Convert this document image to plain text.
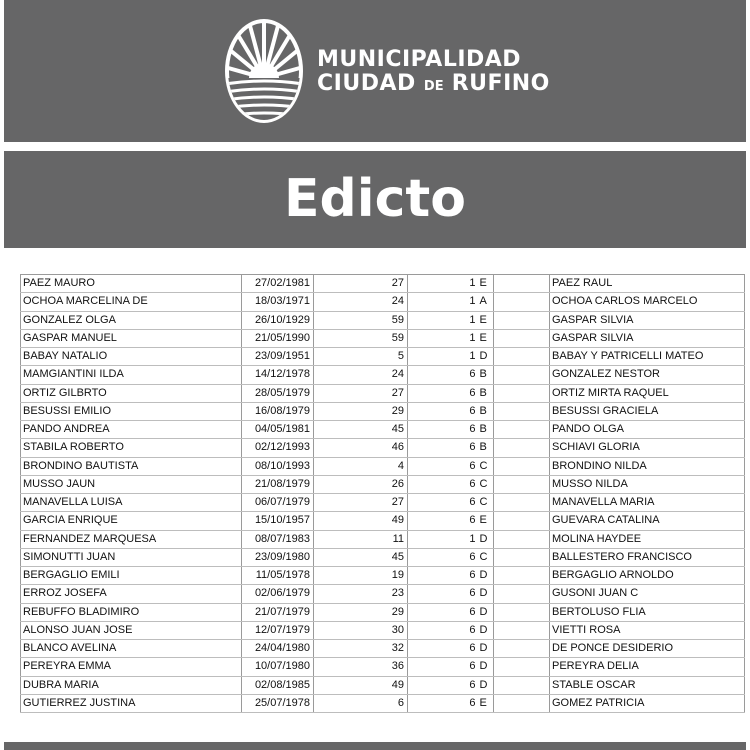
MUNICIPALIDAD
CIUDAD DE RUFINO
Edicto
PAEZ MAURO	27/02/1981	27	1	E		PAEZ RAUL
OCHOA MARCELINA DE	18/03/1971	24	1	A		OCHOA CARLOS MARCELO
GONZALEZ OLGA	26/10/1929	59	1	E		GASPAR SILVIA
GASPAR MANUEL	21/05/1990	59	1	E		GASPAR SILVIA
BABAY NATALIO	23/09/1951	5	1	D		BABAY Y PATRICELLI MATEO
MAMGIANTINI ILDA	14/12/1978	24	6	B		GONZALEZ NESTOR
ORTIZ GILBRTO	28/05/1979	27	6	B		ORTIZ MIRTA RAQUEL
BESUSSI EMILIO	16/08/1979	29	6	B		BESUSSI GRACIELA
PANDO ANDREA	04/05/1981	45	6	B		PANDO OLGA
STABILA ROBERTO	02/12/1993	46	6	B		SCHIAVI GLORIA
BRONDINO BAUTISTA	08/10/1993	4	6	C		BRONDINO NILDA
MUSSO JAUN	21/08/1979	26	6	C		MUSSO NILDA
MANAVELLA LUISA	06/07/1979	27	6	C		MANAVELLA MARIA
GARCIA ENRIQUE	15/10/1957	49	6	E		GUEVARA CATALINA
FERNANDEZ MARQUESA	08/07/1983	11	1	D		MOLINA HAYDEE
SIMONUTTI JUAN	23/09/1980	45	6	C		BALLESTERO FRANCISCO
BERGAGLIO EMILI	11/05/1978	19	6	D		BERGAGLIO ARNOLDO
ERROZ JOSEFA	02/06/1979	23	6	D		GUSONI JUAN C
REBUFFO BLADIMIRO	21/07/1979	29	6	D		BERTOLUSO FLIA
ALONSO JUAN JOSE	12/07/1979	30	6	D		VIETTI ROSA
BLANCO AVELINA	24/04/1980	32	6	D		DE PONCE DESIDERIO
PEREYRA EMMA	10/07/1980	36	6	D		PEREYRA DELIA
DUBRA MARIA	02/08/1985	49	6	D		STABLE OSCAR
GUTIERREZ JUSTINA	25/07/1978	6	6	E		GOMEZ PATRICIA
